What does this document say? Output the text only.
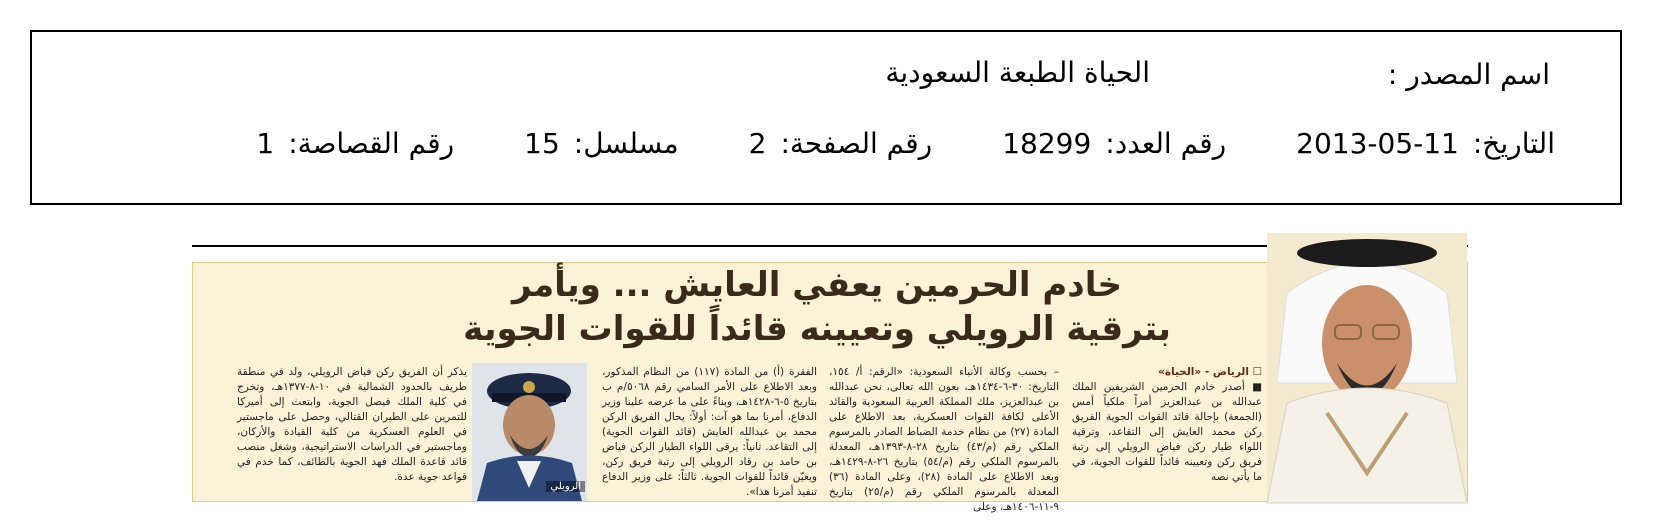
اسم المصدر :
الحياة الطبعة السعودية
التاريخ:
2013-05-11
رقم العدد:
18299
رقم الصفحة:
2
مسلسل:
15
رقم القصاصة:
1
خادم الحرمين يعفي العايش ... ويأمر
بترقية الرويلي وتعيينه قائداً للقوات الجوية
☐ الرياض - «الحياة»
■ أصدر خادم الحرمين الشريفين الملك عبدالله بن عبدالعزيز أمراً ملكياً أمس (الجمعة) بإحالة قائد القوات الجوية الفريق ركن محمد العايش إلى التقاعد، وترقية اللواء طيار ركن فياض الرويلي إلى رتبة فريق ركن وتعيينه قائداً للقوات الجوية، في ما يأتي نصه
– بحسب وكالة الأنباء السعودية: «الرقم: أ/ ١٥٤، التاريخ: ٣٠-٦-١٤٣٤هـ، بعون الله تعالى، نحن عبدالله بن عبدالعزيز، ملك المملكة العربية السعودية والقائد الأعلى لكافة القوات العسكرية، بعد الاطلاع على المادة (٢٧) من نظام خدمة الضباط الصادر بالمرسوم الملكي رقم (م/٤٣) بتاريخ ٢٨-٨-١٣٩٣هـ، المعدلة بالمرسوم الملكي رقم (م/٥٤) بتاريخ ٢٦-٨-١٤٢٩هـ، وبعد الاطلاع على المادة (٢٨)، وعلى المادة (٣٦) المعدلة بالمرسوم الملكي رقم (م/٢٥) بتاريخ ٩-١١-١٤٠٦هـ، وعلى
الفقرة (أ) من المادة (١١٧) من النظام المذكور، وبعد الاطلاع على الأمر السامي رقم ٥٠٦٨/م ب بتاريخ ٥-٦-١٤٢٨هـ، وبناءً على ما عرضه علينا وزير الدفاع، أمرنا بما هو آت: أولاً: يحال الفريق الركن محمد بن عبدالله العايش (قائد القوات الجوية) إلى التقاعد. ثانياً: يرقى اللواء الطيار الركن فياض بن حامد بن رقاد الرويلي إلى رتبة فريق ركن، ويعيّن قائداً للقوات الجوية. ثالثاً: على وزير الدفاع تنفيذ أمرنا هذا».
يذكر أن الفريق ركن فياض الرويلي، ولد في منطقة طريف بالحدود الشمالية في ١٠-٨-١٣٧٧هـ، وتخرج في كلية الملك فيصل الجوية، وابتعث إلى أميركا للتمرين على الطيران القتالي، وحصل على ماجستير في العلوم العسكرية من كلية القيادة والأركان، وماجستير في الدراسات الاستراتيجية، وشغل منصب قائد قاعدة الملك فهد الجوية بالطائف، كما خدم في قواعد جوية عدة.
الرويلي
